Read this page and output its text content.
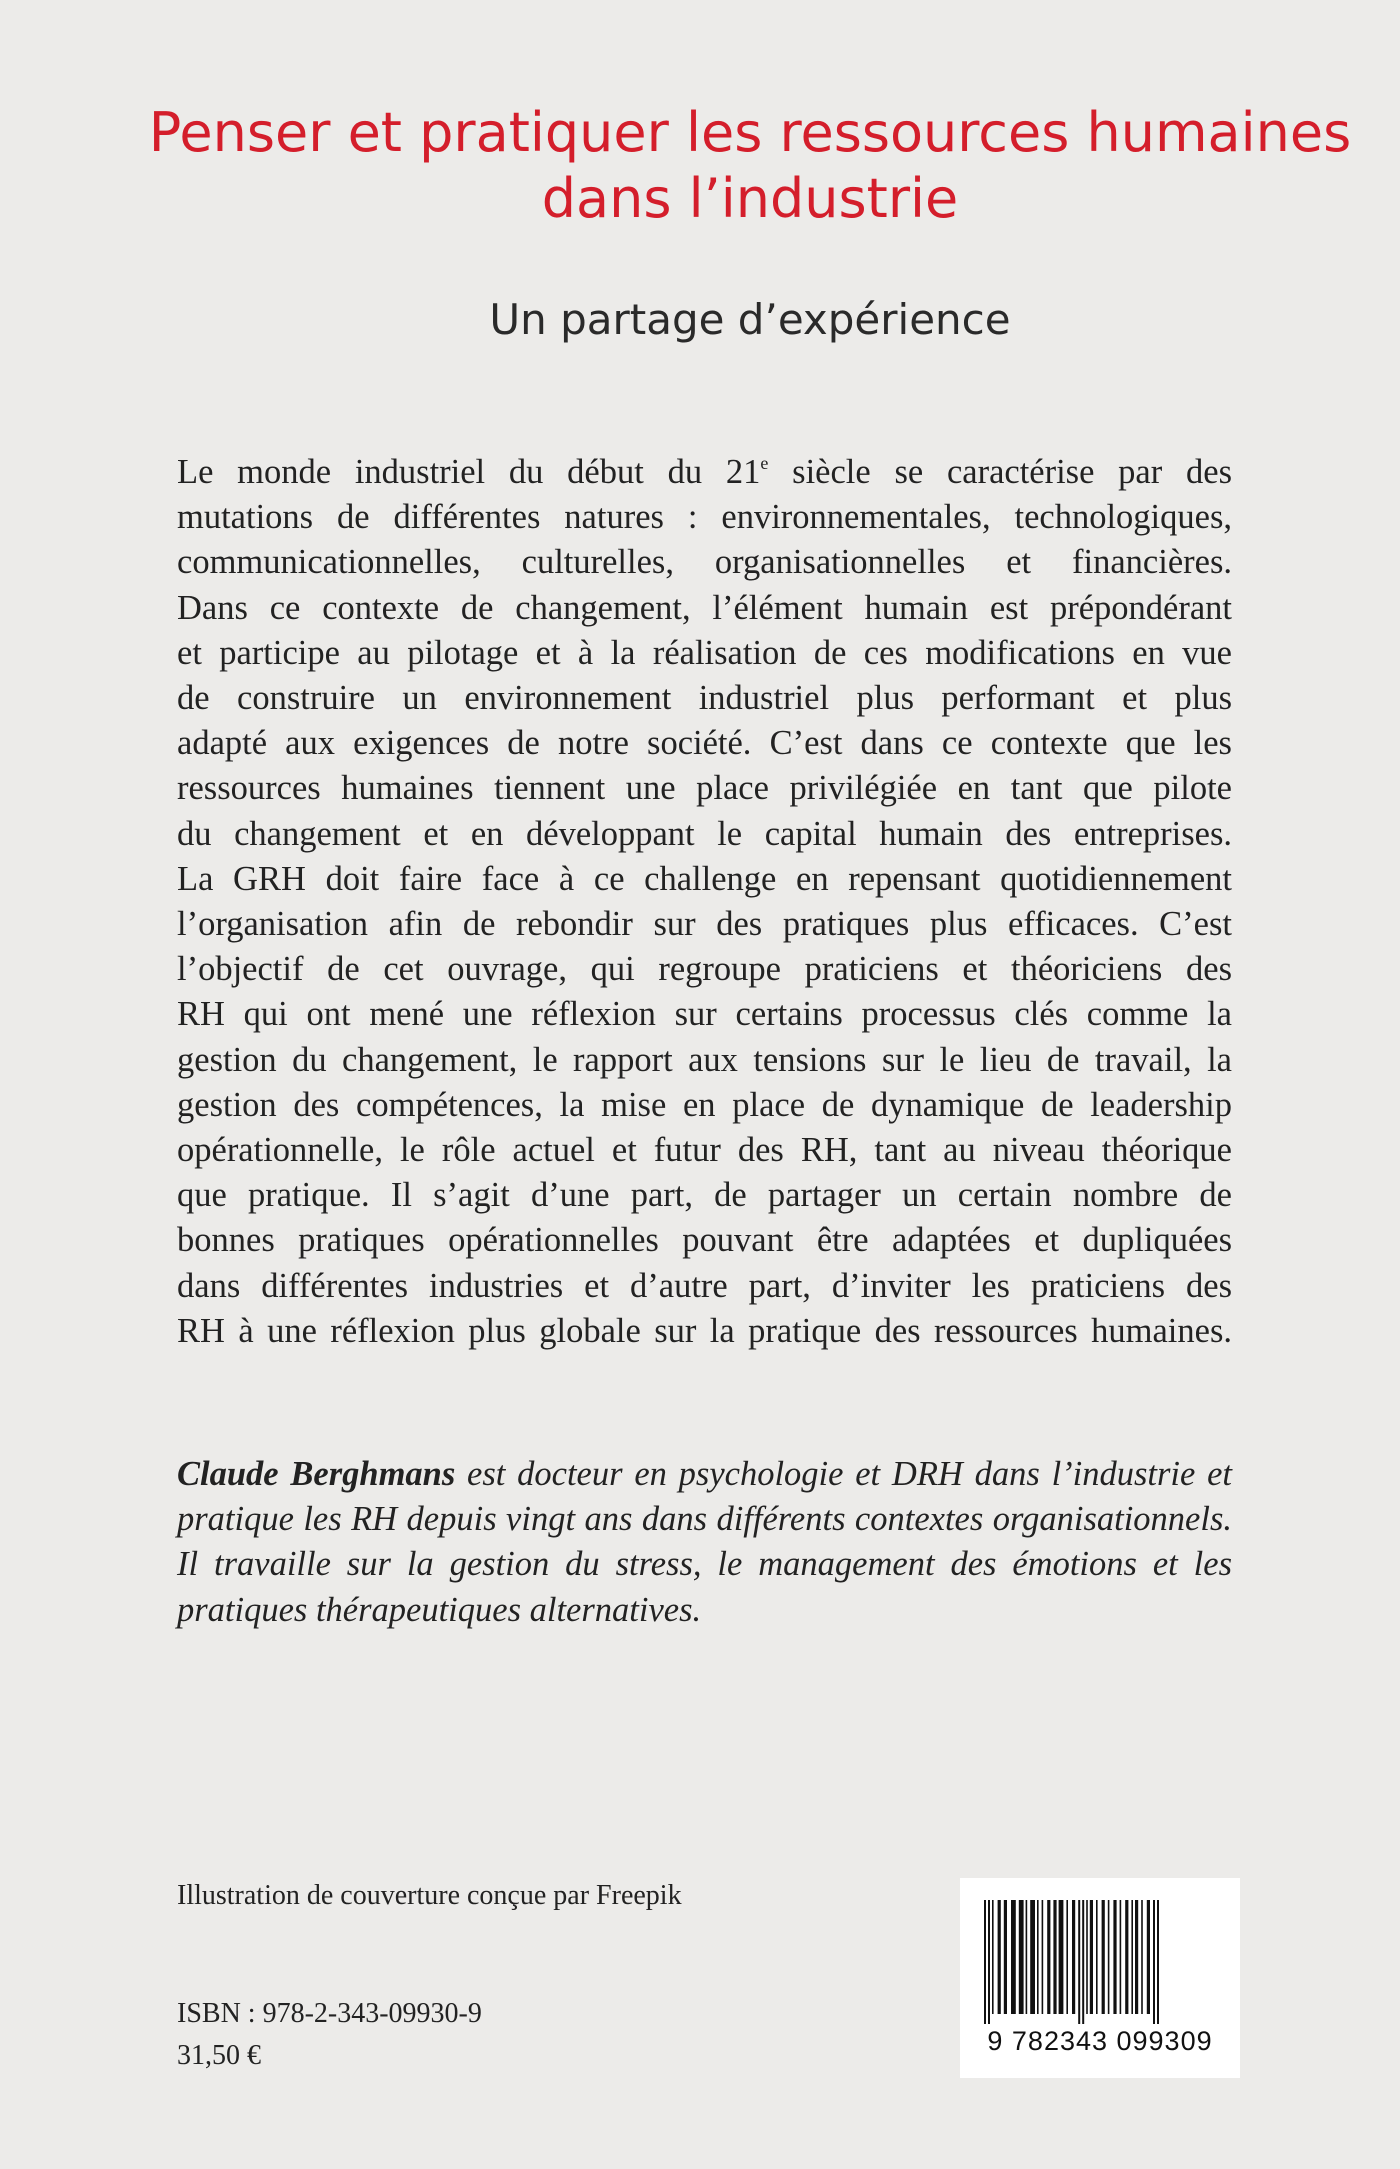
Penser et pratiquer les ressources humaines
dans l’industrie
Un partage d’expérience
Le monde industriel du début du 21e siècle se caractérise par des
mutations de différentes natures : environnementales, technologiques,
communicationnelles, culturelles, organisationnelles et financières.
Dans ce contexte de changement, l’élément humain est prépondérant
et participe au pilotage et à la réalisation de ces modifications en vue
de construire un environnement industriel plus performant et plus
adapté aux exigences de notre société. C’est dans ce contexte que les
ressources humaines tiennent une place privilégiée en tant que pilote
du changement et en développant le capital humain des entreprises.
La GRH doit faire face à ce challenge en repensant quotidiennement
l’organisation afin de rebondir sur des pratiques plus efficaces. C’est
l’objectif de cet ouvrage, qui regroupe praticiens et théoriciens des
RH qui ont mené une réflexion sur certains processus clés comme la
gestion du changement, le rapport aux tensions sur le lieu de travail, la
gestion des compétences, la mise en place de dynamique de leadership
opérationnelle, le rôle actuel et futur des RH, tant au niveau théorique
que pratique. Il s’agit d’une part, de partager un certain nombre de
bonnes pratiques opérationnelles pouvant être adaptées et dupliquées
dans différentes industries et d’autre part, d’inviter les praticiens des
RH à une réflexion plus globale sur la pratique des ressources humaines.
Claude Berghmans est docteur en psychologie et DRH dans l’industrie et
pratique les RH depuis vingt ans dans différents contextes organisationnels.
Il travaille sur la gestion du stress, le management des émotions et les
pratiques thérapeutiques alternatives.
Illustration de couverture conçue par Freepik
ISBN : 978-2-343-09930-9
31,50 €	9 782343 099309
